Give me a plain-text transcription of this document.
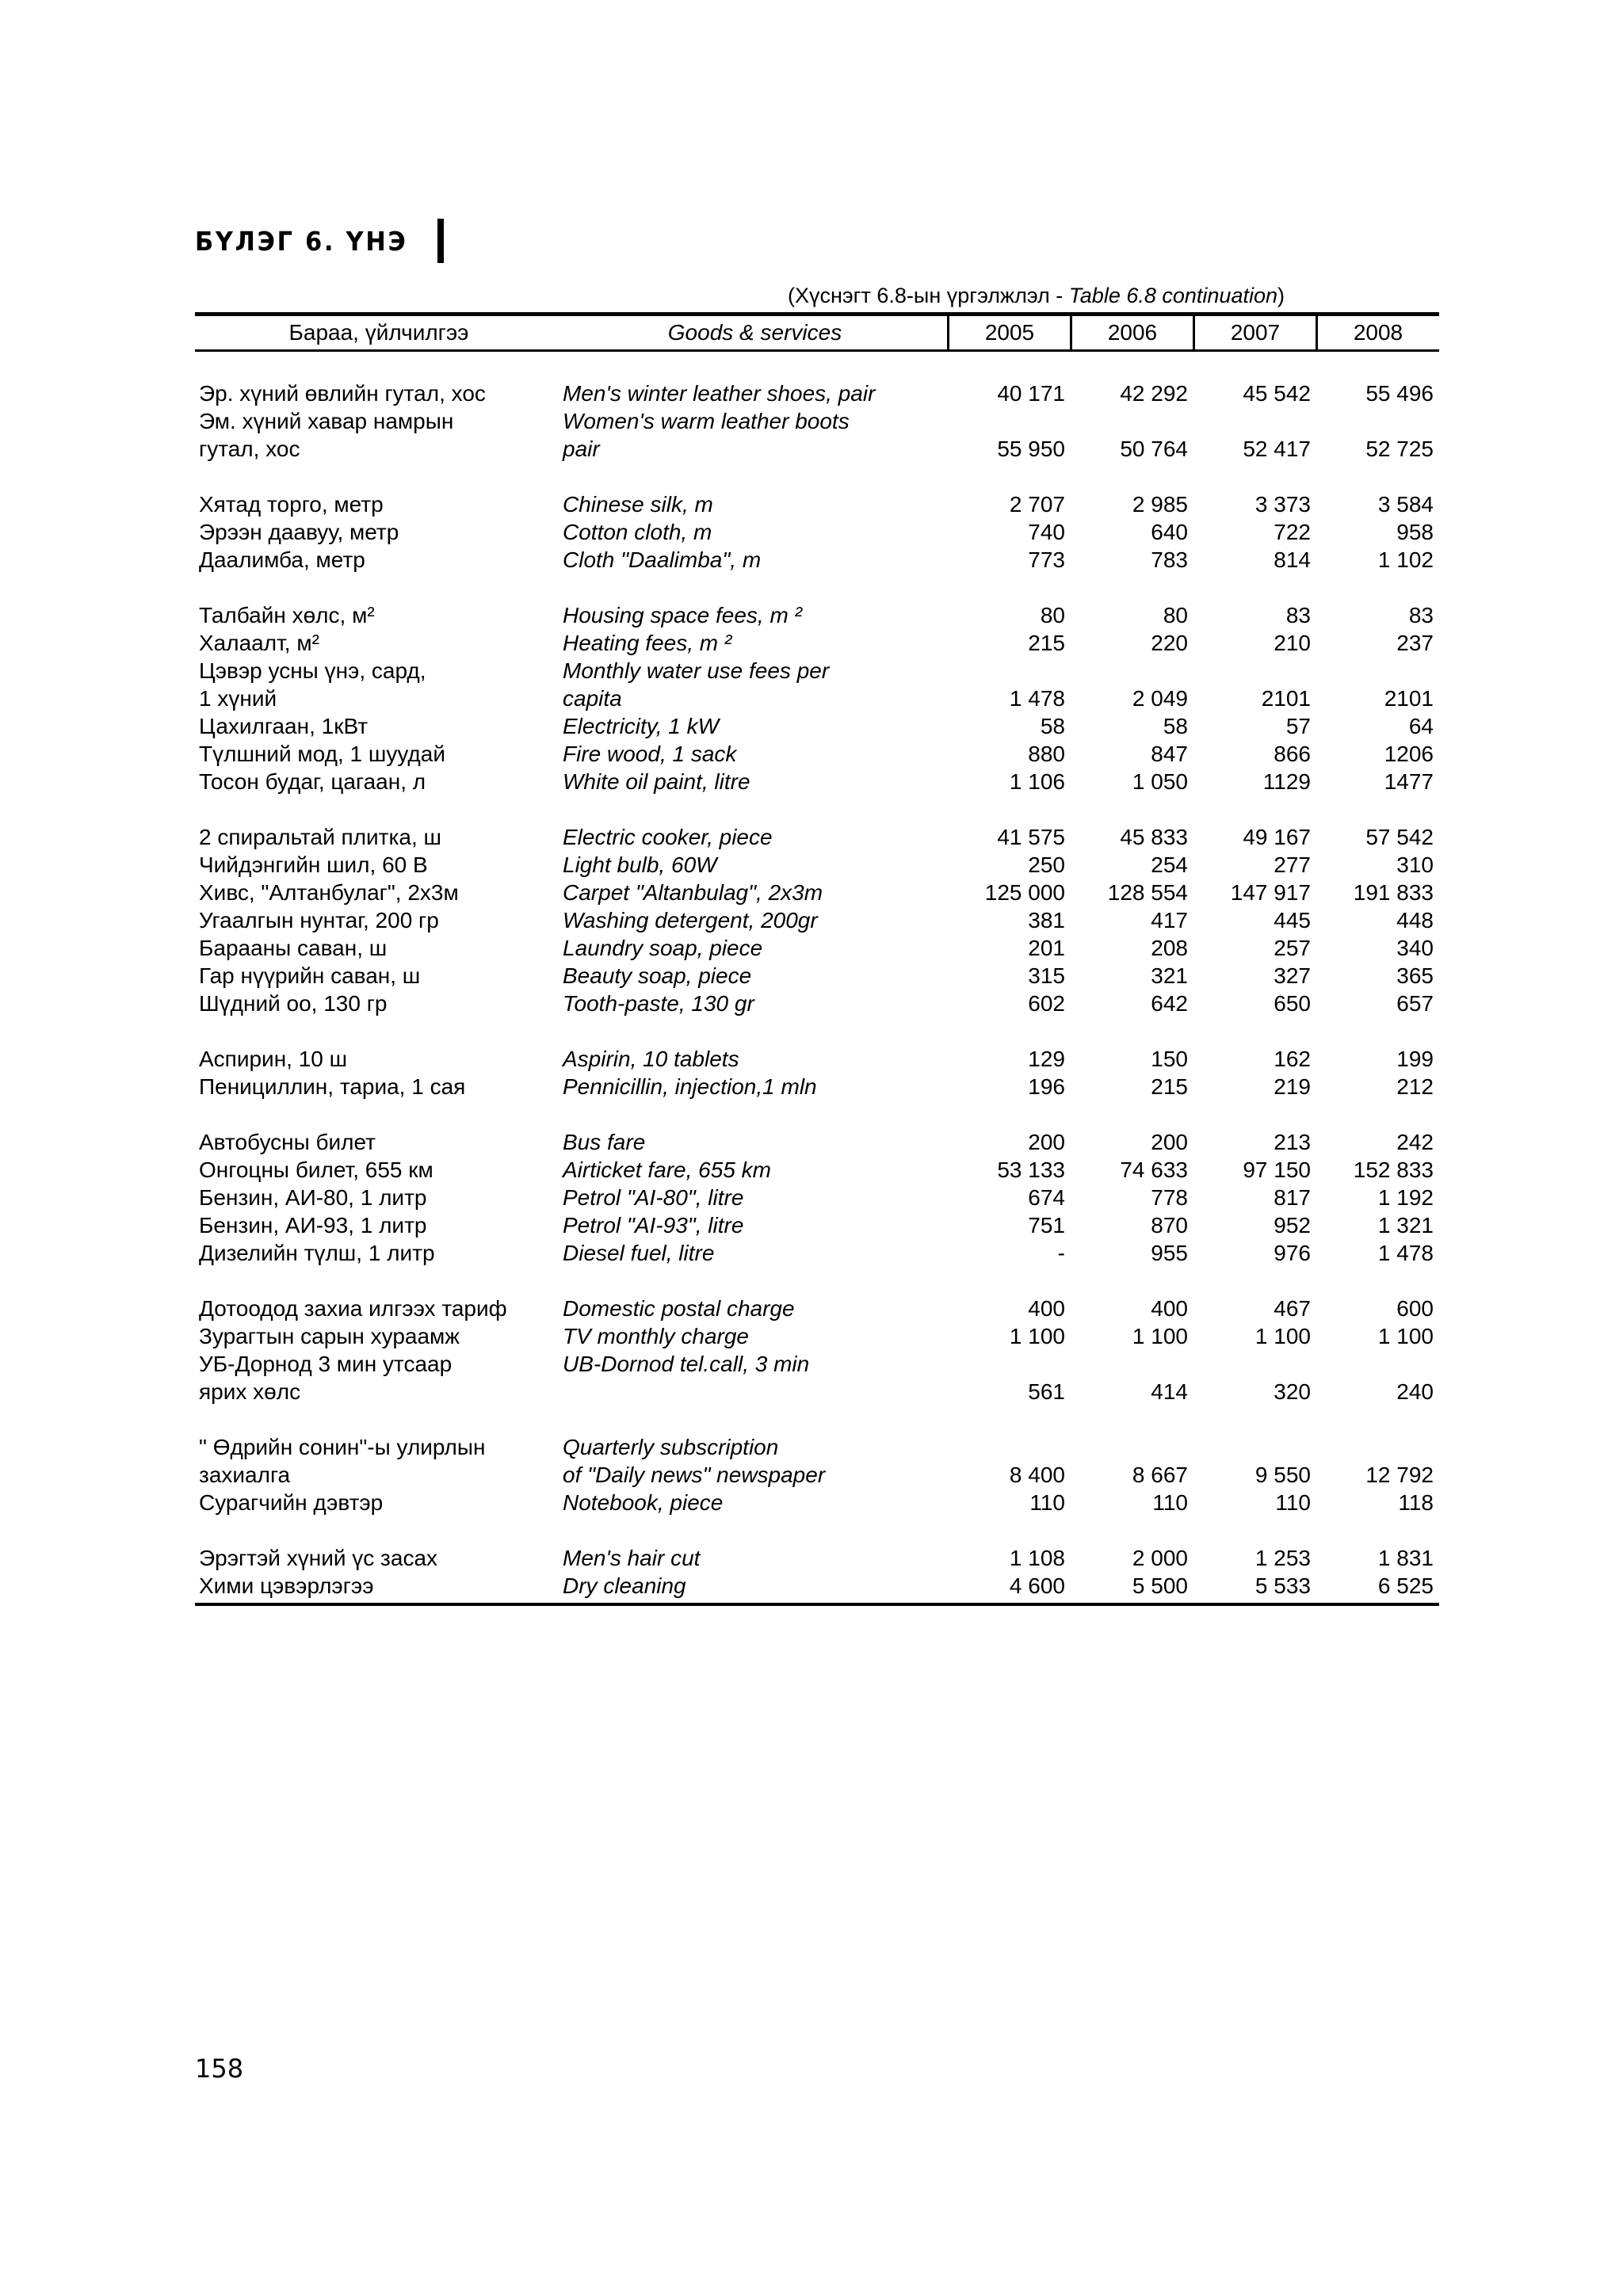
БҮЛЭГ 6. ҮНЭ
(Хүснэгт 6.8-ын үргэлжлэл - Table 6.8 continuation)
Бараа, үйлчилгээ	Goods & services	2005	2006	2007	2008
Эр. хүний өвлийн гутал, хос	Men's winter leather shoes, pair	40 171	42 292	45 542	55 496
Эм. хүний хавар намрын	Women's warm leather boots
гутал, хос	pair	55 950	50 764	52 417	52 725
Хятад торго, метр	Chinese silk, m	2 707	2 985	3 373	3 584
Эрээн даавуу, метр	Cotton cloth, m	740	640	722	958
Даалимба, метр	Cloth "Daalimba", m	773	783	814	1 102
Талбайн хөлс, м²	Housing space fees, m ²	80	80	83	83
Халаалт, м²	Heating fees, m ²	215	220	210	237
Цэвэр усны үнэ, сард,	Monthly water use fees per
1 хүний	capita	1 478	2 049	2101	2101
Цахилгаан, 1кВт	Electricity, 1 kW	58	58	57	64
Түлшний мод, 1 шуудай	Fire wood, 1 sack	880	847	866	1206
Тосон будаг, цагаан, л	White oil paint, litre	1 106	1 050	1129	1477
2 спиральтай плитка, ш	Electric cooker, piece	41 575	45 833	49 167	57 542
Чийдэнгийн шил, 60 В	Light bulb, 60W	250	254	277	310
Хивс, "Алтанбулаг", 2х3м	Carpet "Altanbulag", 2x3m	125 000	128 554	147 917	191 833
Угаалгын нунтаг, 200 гр	Washing detergent, 200gr	381	417	445	448
Барааны саван, ш	Laundry soap, piece	201	208	257	340
Гар нүүрийн саван, ш	Beauty soap, piece	315	321	327	365
Шүдний оо, 130 гр	Tooth-paste, 130 gr	602	642	650	657
Аспирин, 10 ш	Aspirin, 10 tablets	129	150	162	199
Пенициллин, тариа, 1 сая	Pennicillin, injection,1 mln	196	215	219	212
Автобусны билет	Bus fare	200	200	213	242
Онгоцны билет, 655 км	Airticket fare, 655 km	53 133	74 633	97 150	152 833
Бензин, АИ-80, 1 литр	Petrol "AI-80", litre	674	778	817	1 192
Бензин, АИ-93, 1 литр	Petrol "AI-93", litre	751	870	952	1 321
Дизелийн түлш, 1 литр	Diesel fuel, litre	-	955	976	1 478
Дотоодод захиа илгээх тариф	Domestic postal charge	400	400	467	600
Зурагтын сарын хураамж	TV monthly charge	1 100	1 100	1 100	1 100
УБ-Дорнод 3 мин утсаар	UB-Dornod tel.call, 3 min
ярих хөлс	561	414	320	240
" Өдрийн сонин"-ы улирлын	Quarterly subscription
захиалга	of "Daily news" newspaper	8 400	8 667	9 550	12 792
Сурагчийн дэвтэр	Notebook, piece	110	110	110	118
Эрэгтэй хүний үс засах	Men's hair cut	1 108	2 000	1 253	1 831
Хими цэвэрлэгээ	Dry cleaning	4 600	5 500	5 533	6 525
158
